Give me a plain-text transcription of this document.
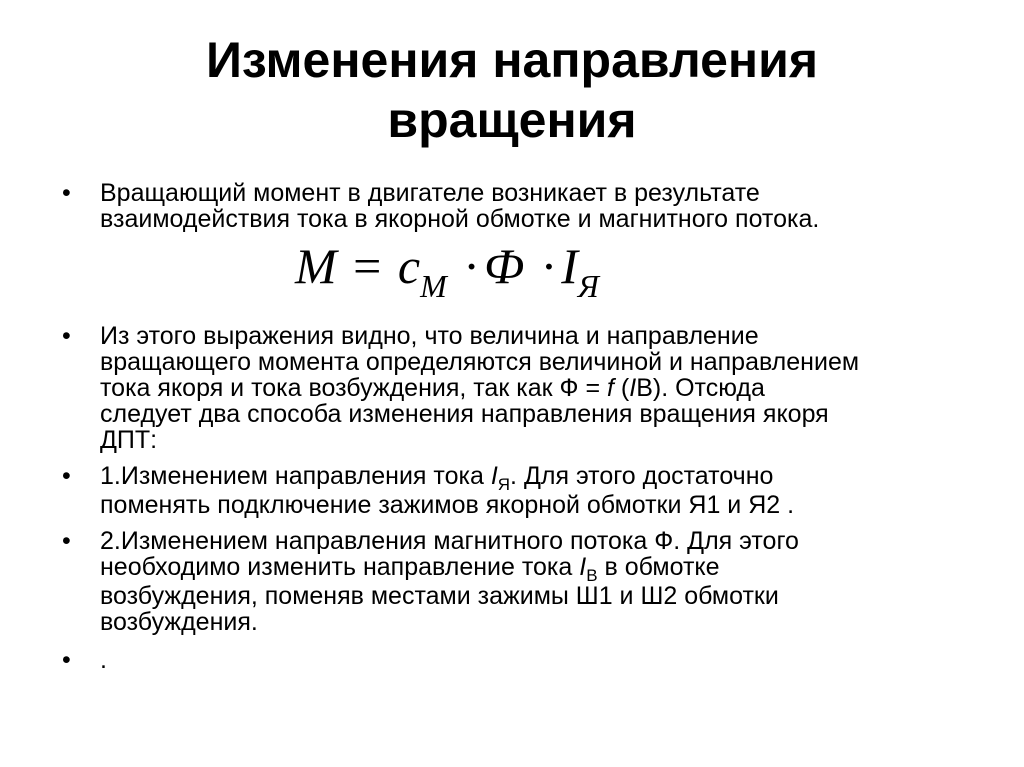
Изменения направления
вращения
• Вращающий момент в двигателе возникает в результате
взаимодействия тока в якорной обмотке и магнитного потока.
$M = c_M \cdot Ф \cdot I_Я$
• Из этого выражения видно, что величина и направление
вращающего момента определяются величиной и направлением
тока якоря и тока возбуждения, так как Ф = f (IВ). Отсюда
следует два способа изменения направления вращения якоря
ДПТ:
• 1.Изменением направления тока $I_Я$. Для этого достаточно
поменять подключение зажимов якорной обмотки Я1 и Я2 .
• 2.Изменением направления магнитного потока Ф. Для этого
необходимо изменить направление тока $I_В$ в обмотке
возбуждения, поменяв местами зажимы Ш1 и Ш2 обмотки
возбуждения.
• .
